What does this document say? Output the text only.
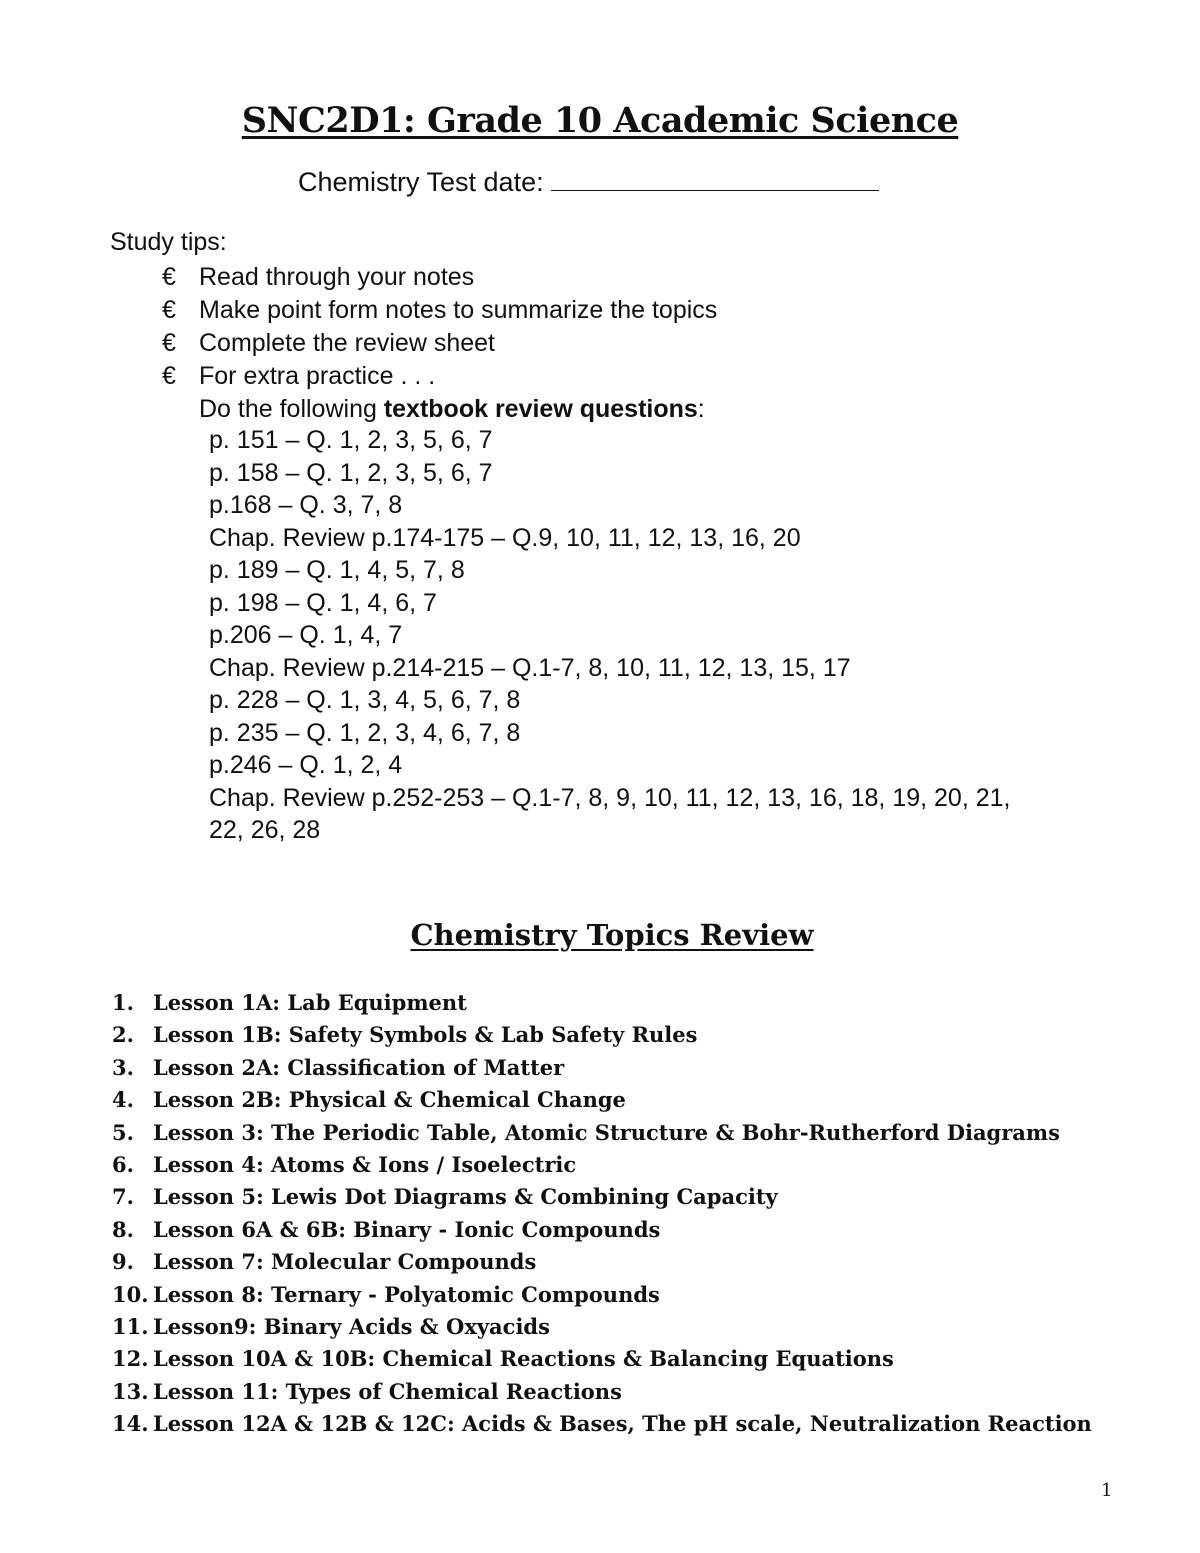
SNC2D1: Grade 10 Academic Science
Chemistry Test date:
Study tips:
€ Read through your notes
€ Make point form notes to summarize the topics
€ Complete the review sheet
€ For extra practice . . .
Do the following textbook review questions:
p. 151 – Q. 1, 2, 3, 5, 6, 7
p. 158 – Q. 1, 2, 3, 5, 6, 7
p.168 – Q. 3, 7, 8
Chap. Review p.174-175 – Q.9, 10, 11, 12, 13, 16, 20
p. 189 – Q. 1, 4, 5, 7, 8
p. 198 – Q. 1, 4, 6, 7
p.206 – Q. 1, 4, 7
Chap. Review p.214-215 – Q.1-7, 8, 10, 11, 12, 13, 15, 17
p. 228 – Q. 1, 3, 4, 5, 6, 7, 8
p. 235 – Q. 1, 2, 3, 4, 6, 7, 8
p.246 – Q. 1, 2, 4
Chap. Review p.252-253 – Q.1-7, 8, 9, 10, 11, 12, 13, 16, 18, 19, 20, 21,
22, 26, 28
Chemistry Topics Review
1. Lesson 1A: Lab Equipment
2. Lesson 1B: Safety Symbols & Lab Safety Rules
3. Lesson 2A: Classification of Matter
4. Lesson 2B: Physical & Chemical Change
5. Lesson 3: The Periodic Table, Atomic Structure & Bohr-Rutherford Diagrams
6. Lesson 4: Atoms & Ions / Isoelectric
7. Lesson 5: Lewis Dot Diagrams & Combining Capacity
8. Lesson 6A & 6B: Binary - Ionic Compounds
9. Lesson 7: Molecular Compounds
10. Lesson 8: Ternary - Polyatomic Compounds
11. Lesson9: Binary Acids & Oxyacids
12. Lesson 10A & 10B: Chemical Reactions & Balancing Equations
13. Lesson 11: Types of Chemical Reactions
14. Lesson 12A & 12B & 12C: Acids & Bases, The pH scale, Neutralization Reaction
1
